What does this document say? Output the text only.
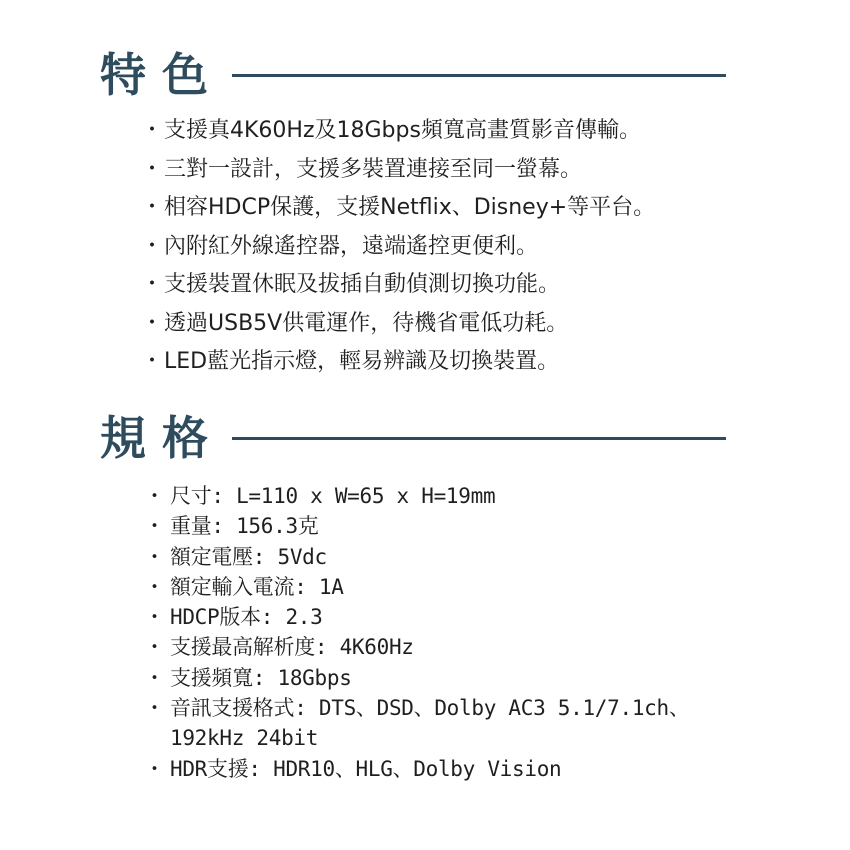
特色
・ 支援真4K60Hz及18Gbps頻寬高畫質影音傳輸。
・ 三對一設計，支援多裝置連接至同一螢幕。
・ 相容HDCP保護，支援Netflix、Disney+等平台。
・ 內附紅外線遙控器，遠端遙控更便利。
・ 支援裝置休眠及拔插自動偵測切換功能。
・ 透過USB5V供電運作，待機省電低功耗。
・ LED藍光指示燈，輕易辨識及切換裝置。
規格
・ 尺寸: L=110 x W=65 x H=19mm
・ 重量: 156.3克
・ 額定電壓: 5Vdc
・ 額定輸入電流: 1A
・ HDCP版本: 2.3
・ 支援最高解析度: 4K60Hz
・ 支援頻寬: 18Gbps
・ 音訊支援格式: DTS、DSD、Dolby AC3 5.1/7.1ch、
192kHz 24bit
・ HDR支援: HDR10、HLG、Dolby Vision
